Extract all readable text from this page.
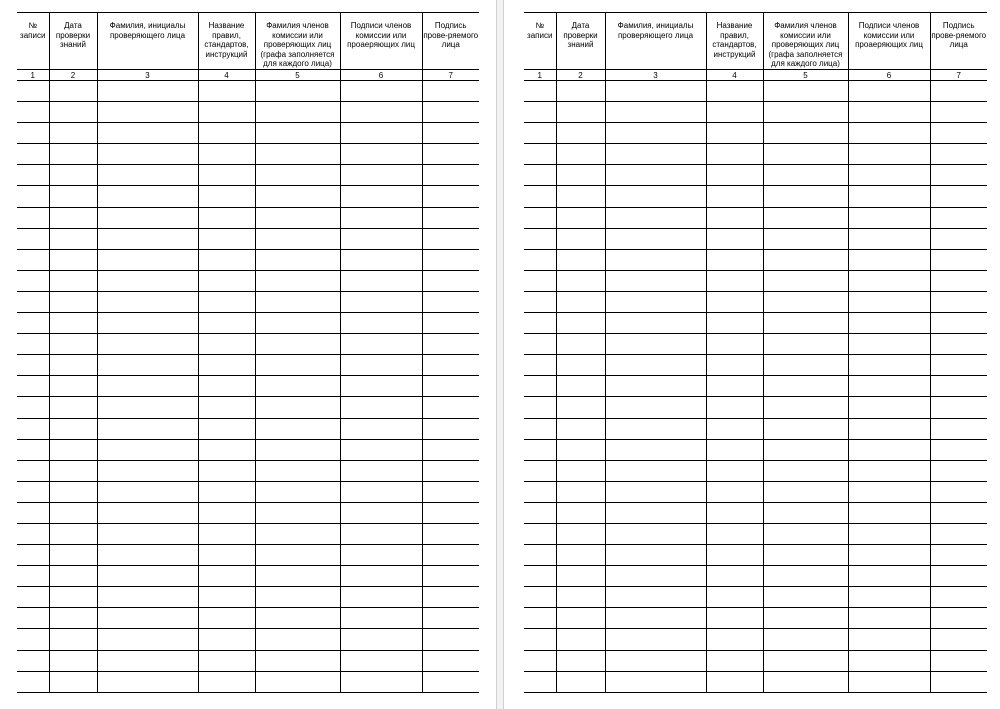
№ записи	Дата проверки знаний	Фамилия, инициалы проверяющего лица	Название правил, стандартов, инструкций	Фамилия членов комиссии или проверяющих лиц (графа заполняется для каждого лица)	Подписи членов комиссии или проаеряющих лиц	Подпись прове-ряемого лица
1	2	3	4	5	6	7

№ записи	Дата проверки знаний	Фамилия, инициалы проверяющего лица	Название правил, стандартов, инструкций	Фамилия членов комиссии или проверяющих лиц (графа заполняется для каждого лица)	Подписи членов комиссии или проаеряющих лиц	Подпись прове-ряемого лица
1	2	3	4	5	6	7
